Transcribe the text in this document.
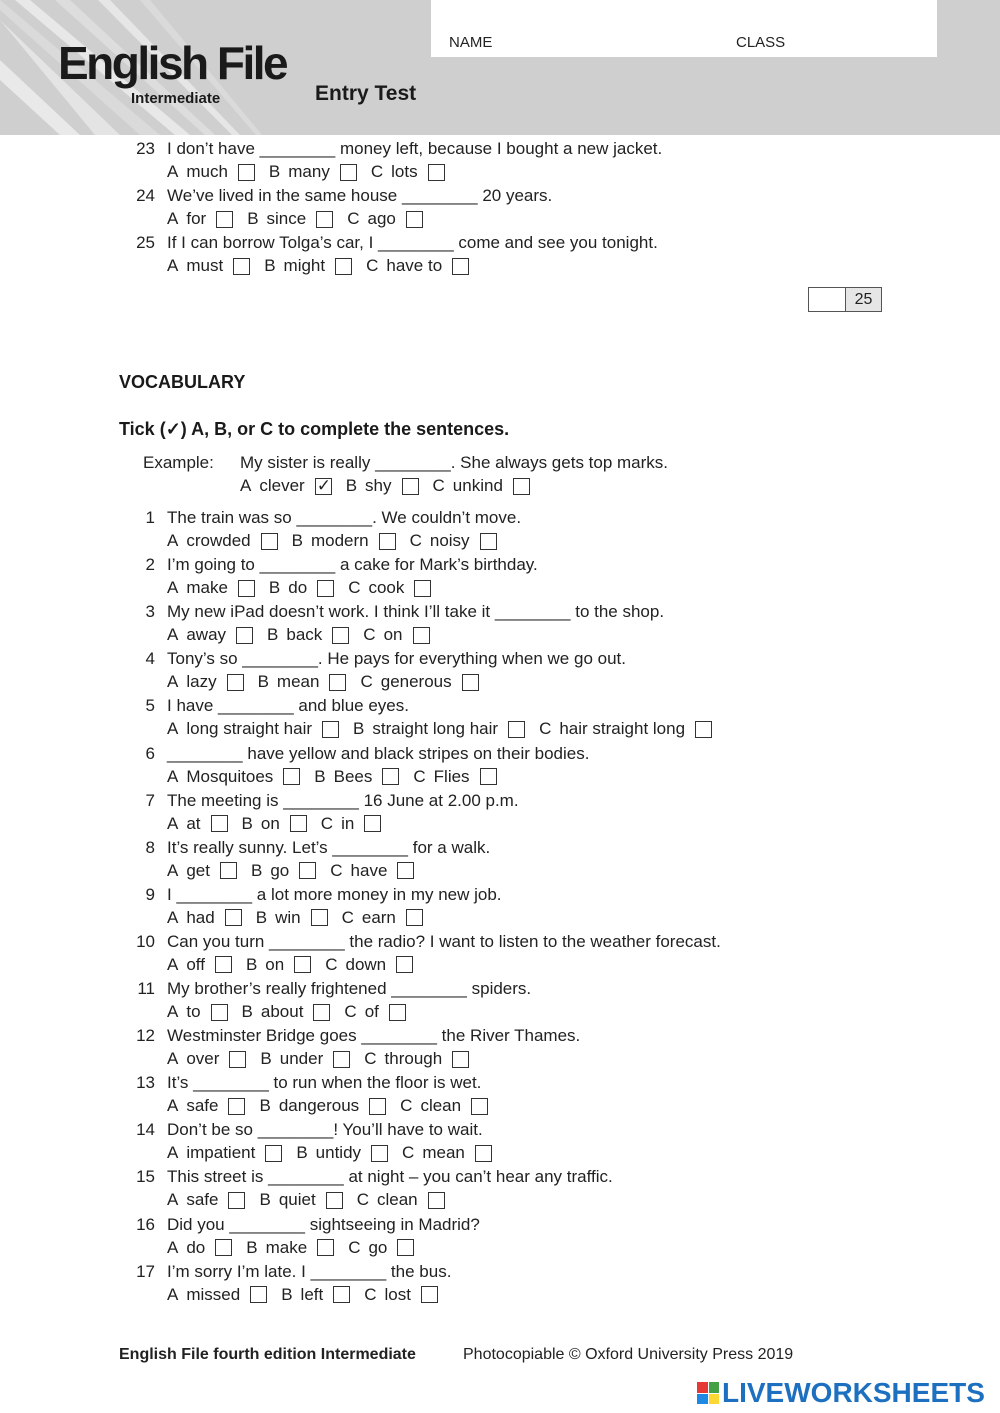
English File
Intermediate	Entry Test
NAME	CLASS
23 I don’t have ________ money left, because I bought a new jacket.
A much B many C lots
24 We’ve lived in the same house ________ 20 years.
A for B since C ago
25 If I can borrow Tolga’s car, I ________ come and see you tonight.
A must B might C have to
25
VOCABULARY
Tick (✓) A, B, or C to complete the sentences.
Example: My sister is really ________. She always gets top marks.
A clever
✓ B shy C unkind
1 The train was so ________. We couldn’t move.
A crowded B modern C noisy
2 I’m going to ________ a cake for Mark’s birthday.
A make B do C cook
3 My new iPad doesn’t work. I think I’ll take it ________ to the shop.
A away B back C on
4 Tony’s so ________. He pays for everything when we go out.
A lazy B mean C generous
5 I have ________ and blue eyes.
A long straight hair B straight long hair C hair straight long
6 ________ have yellow and black stripes on their bodies.
A Mosquitoes B Bees C Flies
7 The meeting is ________ 16 June at 2.00 p.m.
A at B on C in
8 It’s really sunny. Let’s ________ for a walk.
A get B go C have
9 I ________ a lot more money in my new job.
A had B win C earn
10 Can you turn ________ the radio? I want to listen to the weather forecast.
A off B on C down
11 My brother’s really frightened ________ spiders.
A to B about C of
12 Westminster Bridge goes ________ the River Thames.
A over B under C through
13 It’s ________ to run when the floor is wet.
A safe B dangerous C clean
14 Don’t be so ________! You’ll have to wait.
A impatient B untidy C mean
15 This street is ________ at night – you can’t hear any traffic.
A safe B quiet C clean
16 Did you ________ sightseeing in Madrid?
A do B make C go
17 I’m sorry I’m late. I ________ the bus.
A missed B left C lost
English File fourth edition Intermediate	Photocopiable © Oxford University Press 2019
LIVEWORKSHEETS
